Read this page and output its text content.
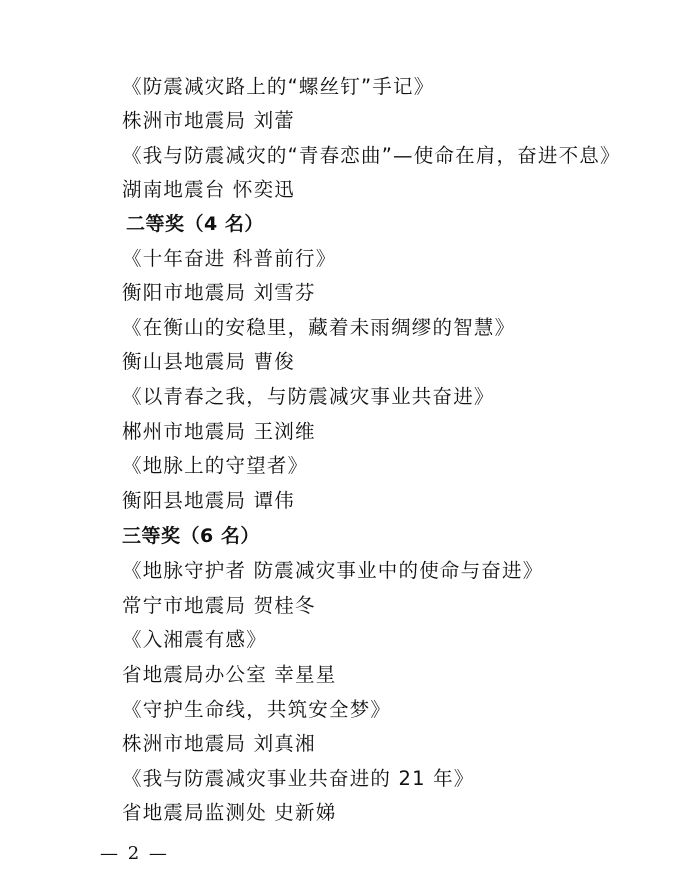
《防震减灾路上的“螺丝钉”手记》
株洲市地震局 刘蕾
《我与防震减灾的“青春恋曲”—使命在肩，奋进不息》
湖南地震台 怀奕迅
二等奖（4 名）
《十年奋进 科普前行》
衡阳市地震局 刘雪芬
《在衡山的安稳里，藏着未雨绸缪的智慧》
衡山县地震局 曹俊
《以青春之我，与防震减灾事业共奋进》
郴州市地震局 王浏维
《地脉上的守望者》
衡阳县地震局 谭伟
三等奖（6 名）
《地脉守护者 防震减灾事业中的使命与奋进》
常宁市地震局 贺桂冬
《入湘震有感》
省地震局办公室 幸星星
《守护生命线，共筑安全梦》
株洲市地震局 刘真湘
《我与防震减灾事业共奋进的 21 年》
省地震局监测处 史新娣
— 2 —
